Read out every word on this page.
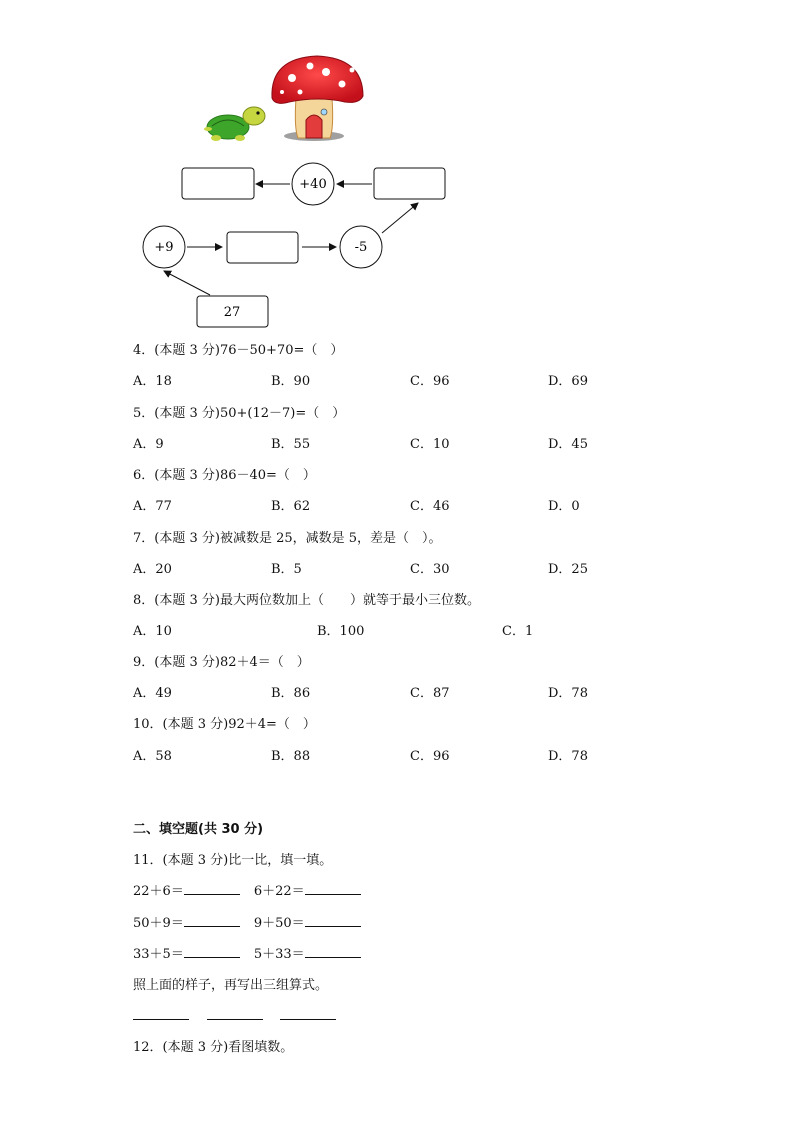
+40
+9	-5
27
4．(本题 3 分)76－50+70=（　）
A．18	B．90	C．96	D．69
5．(本题 3 分)50+(12－7)=（　）
A．9	B．55	C．10	D．45
6．(本题 3 分)86－40=（　）
A．77	B．62	C．46	D．0
7．(本题 3 分)被减数是 25，减数是 5，差是（　）。
A．20	B．5	C．30	D．25
8．(本题 3 分)最大两位数加上（　　）就等于最小三位数。
A．10	B．100	C．1
9．(本题 3 分)82＋4＝（　）
A．49	B．86	C．87	D．78
10．(本题 3 分)92＋4=（　）
A．58	B．88	C．96	D．78
二、填空题(共 30 分)
11．(本题 3 分)比一比，填一填。
22＋6＝	6＋22＝
50＋9＝	9＋50＝
33＋5＝	5＋33＝
照上面的样子，再写出三组算式。
12．(本题 3 分)看图填数。
